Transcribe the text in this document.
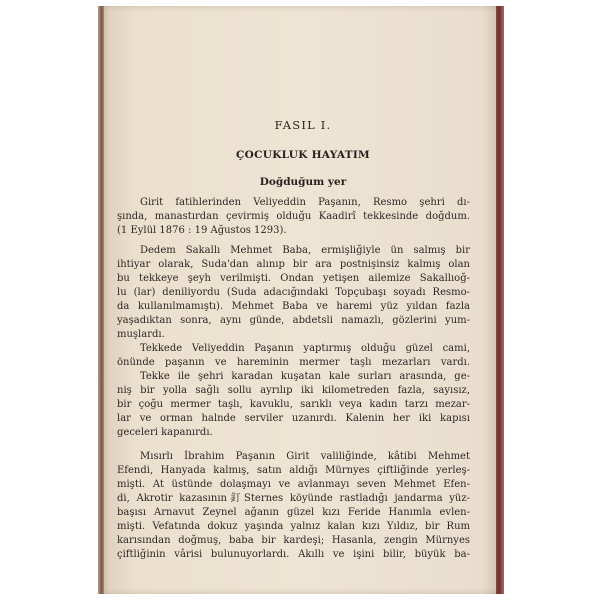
FASIL I.
ÇOCUKLUK HAYATIM
Doğduğum yer
Girit fatihlerinden Veliyeddin Paşanın, Resmo şehri dı-
şında, manastırdan çevirmiş olduğu Kaadirî tekkesinde doğdum.
(1 Eylül 1876 : 19 Ağustos 1293).
Dedem Sakallı Mehmet Baba, ermişliğiyle ün salmış bir
ihtiyar olarak, Suda'dan alınıp bir ara postnişinsiz kalmış olan
bu tekkeye şeyh verilmişti. Ondan yetişen ailemize Sakallıoğ-
lu (lar) deniliyordu (Suda adacığındaki Topçubaşı soyadı Resmo-
da kullanılmamıştı). Mehmet Baba ve haremi yüz yıldan fazla
yaşadıktan sonra, aynı günde, abdetsli namazlı, gözlerini yum-
muşlardı.
Tekkede Veliyeddin Paşanın yaptırmış olduğu güzel cami,
önünde paşanın ve hareminin mermer taşlı mezarları vardı.
Tekke ile şehri karadan kuşatan kale surları arasında, ge-
niş bir yolla sağlı sollu ayrılıp iki kilometreden fazla, sayısız,
bir çoğu mermer taşlı, kavuklu, sarıklı veya kadın tarzı mezar-
lar ve orman halnde serviler uzanırdı. Kalenin her iki kapısı
geceleri kapanırdı.
Mısırlı İbrahim Paşanın Girit valiliğinde, kâtibi Mehmet
Efendi, Hanyada kalmış, satın aldığı Mürnyes çiftliğinde yerleş-
mişti. At üstünde dolaşmayı ve avlanmayı seven Mehmet Efen-
di, Akrotir kazasının釘Sternes köyünde rastladığı jandarma yüz-
başısı Arnavut Zeynel ağanın güzel kızı Feride Hanımla evlen-
mişti. Vefatında dokuz yaşında yalnız kalan kızı Yıldız, bir Rum
karısından doğmuş, baba bir kardeşi; Hasanla, zengin Mürnyes
çiftliğinin vârisi bulunuyorlardı. Akıllı ve işini bilir, büyük ba-
